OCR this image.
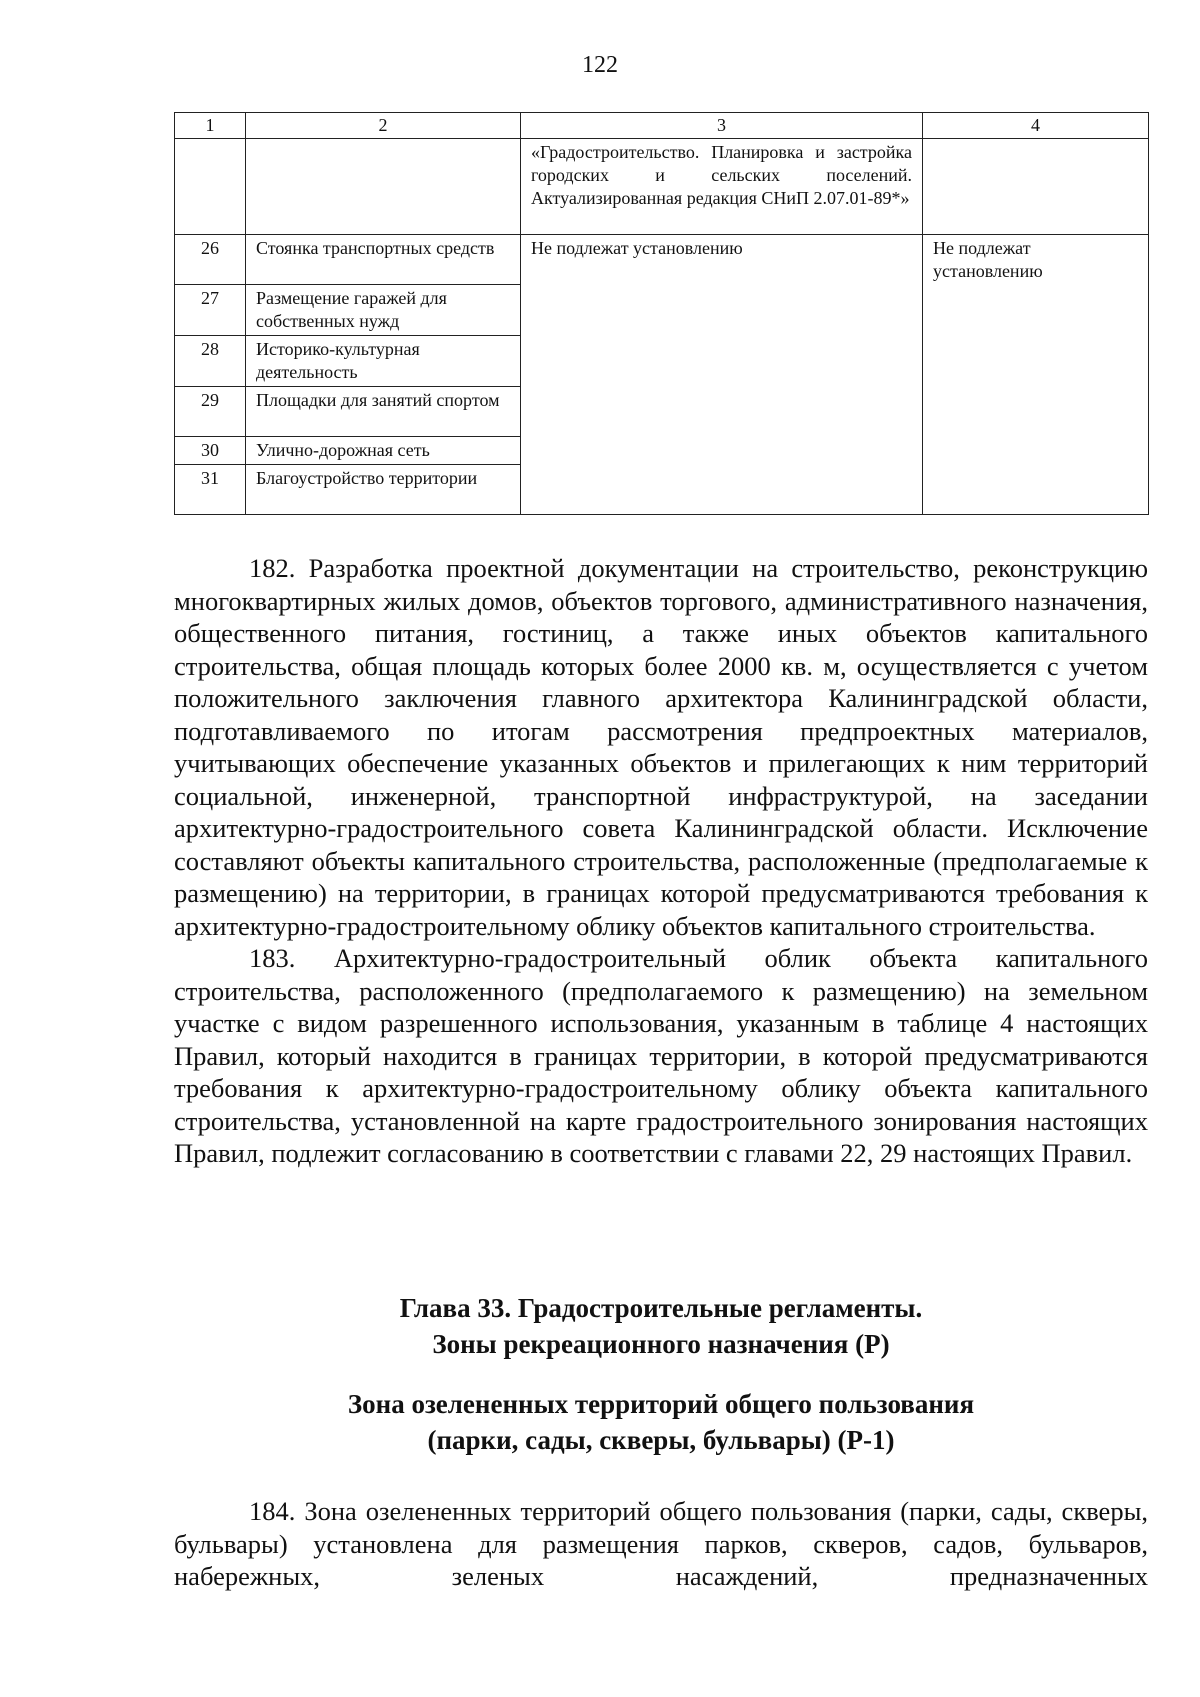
122
1	2	3	4
		«Градостроительство. Планировка и застройка городских и сельских поселений. Актуализированная редакция СНиП 2.07.01-89*»	
26	Стоянка транспортных средств	Не подлежат установлению	Не подлежат установлению
27	Размещение гаражей для собственных нужд		
28	Историко-культурная деятельность		
29	Площадки для занятий спортом		
30	Улично-дорожная сеть		
31	Благоустройство территории		

182. Разработка проектной документации на строительство, реконструкцию многоквартирных жилых домов, объектов торгового, административного назначения, общественного питания, гостиниц, а также иных объектов капитального строительства, общая площадь которых более 2000 кв. м, осуществляется с учетом положительного заключения главного архитектора Калининградской области, подготавливаемого по итогам рассмотрения предпроектных материалов, учитывающих обеспечение указанных объектов и прилегающих к ним территорий социальной, инженерной, транспортной инфраструктурой, на заседании архитектурно-градостроительного совета Калининградской области. Исключение составляют объекты капитального строительства, расположенные (предполагаемые к размещению) на территории, в границах которой предусматриваются требования к архитектурно-градостроительному облику объектов капитального строительства.

183. Архитектурно-градостроительный облик объекта капитального строительства, расположенного (предполагаемого к размещению) на земельном участке с видом разрешенного использования, указанным в таблице 4 настоящих Правил, который находится в границах территории, в которой предусматриваются требования к архитектурно-градостроительному облику объекта капитального строительства, установленной на карте градостроительного зонирования настоящих Правил, подлежит согласованию в соответствии с главами 22, 29 настоящих Правил.

Глава 33. Градостроительные регламенты.
Зоны рекреационного назначения (Р)
Зона озелененных территорий общего пользования
(парки, сады, скверы, бульвары) (Р-1)

184. Зона озелененных территорий общего пользования (парки, сады, скверы, бульвары) установлена для размещения парков, скверов, садов, бульваров, набережных, зеленых насаждений, предназначенных
